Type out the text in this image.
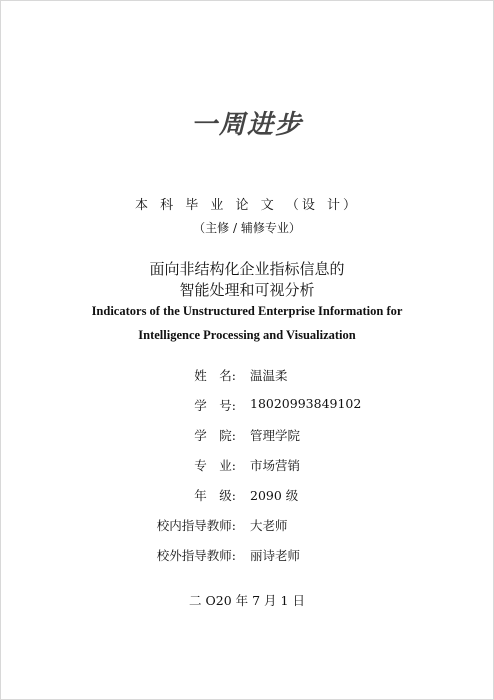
一周进步
本 科 毕 业 论 文 （设 计）
（主修 / 辅修专业）
面向非结构化企业指标信息的
智能处理和可视分析
Indicators of the Unstructured Enterprise Information for
Intelligence Processing and Visualization
姓　名: 温温柔
学　号: 18020993849102
学　院: 管理学院
专　业: 市场营销
年　级: 2090 级
校内指导教师: 大老师
校外指导教师: 丽诗老师
二 O20 年 7 月 1 日
